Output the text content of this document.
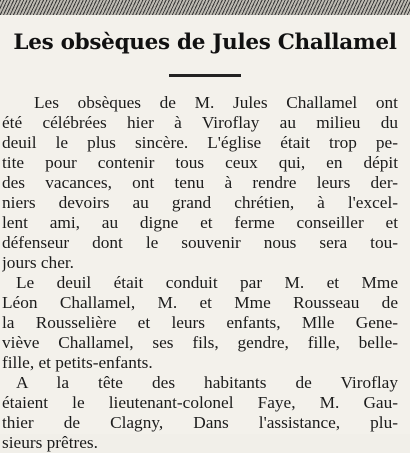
Les obsèques de Jules Challamel
Les obsèques de M. Jules Challamel ont
été célébrées hier à Viroflay au milieu du
deuil le plus sincère. L'église était trop pe-
tite pour contenir tous ceux qui, en dépit
des vacances, ont tenu à rendre leurs der-
niers devoirs au grand chrétien, à l'excel-
lent ami, au digne et ferme conseiller et
défenseur dont le souvenir nous sera tou-
jours cher.
Le deuil était conduit par M. et Mme
Léon Challamel, M. et Mme Rousseau de
la Rousselière et leurs enfants, Mlle Gene-
viève Challamel, ses fils, gendre, fille, belle-
fille, et petits-enfants.
A la tête des habitants de Viroflay
étaient le lieutenant-colonel Faye, M. Gau-
thier de Clagny, Dans l'assistance, plu-
sieurs prêtres.
